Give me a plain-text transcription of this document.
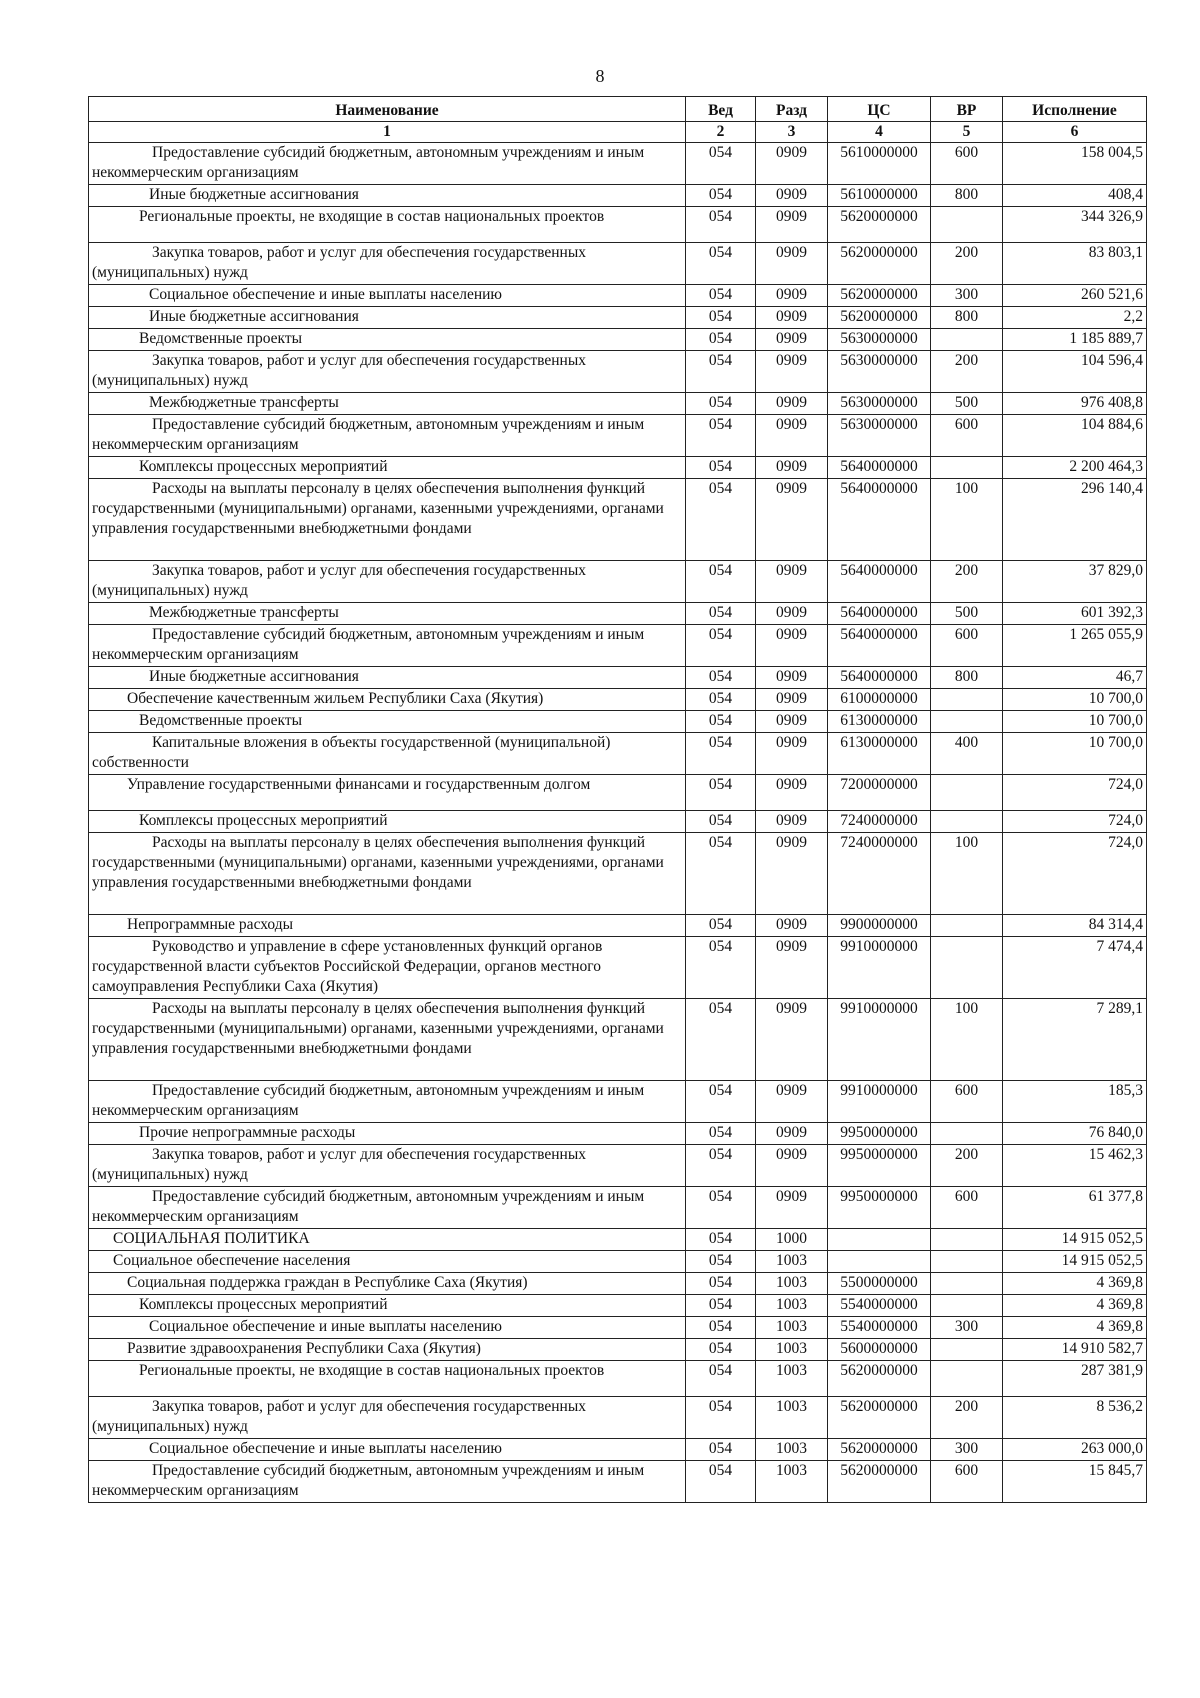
8
Наименование	Вед	Разд	ЦС	ВР	Исполнение
1	2	3	4	5	6
Предоставление субсидий бюджетным, автономным учреждениям и иным некоммерческим организациям	054	0909	5610000000	600	158 004,5
Иные бюджетные ассигнования	054	0909	5610000000	800	408,4
Региональные проекты, не входящие в состав национальных проектов	054	0909	5620000000		344 326,9
Закупка товаров, работ и услуг для обеспечения государственных (муниципальных) нужд	054	0909	5620000000	200	83 803,1
Социальное обеспечение и иные выплаты населению	054	0909	5620000000	300	260 521,6
Иные бюджетные ассигнования	054	0909	5620000000	800	2,2
Ведомственные проекты	054	0909	5630000000		1 185 889,7
Закупка товаров, работ и услуг для обеспечения государственных (муниципальных) нужд	054	0909	5630000000	200	104 596,4
Межбюджетные трансферты	054	0909	5630000000	500	976 408,8
Предоставление субсидий бюджетным, автономным учреждениям и иным некоммерческим организациям	054	0909	5630000000	600	104 884,6
Комплексы процессных мероприятий	054	0909	5640000000		2 200 464,3
Расходы на выплаты персоналу в целях обеспечения выполнения функций государственными (муниципальными) органами, казенными учреждениями, органами управления государственными внебюджетными фондами	054	0909	5640000000	100	296 140,4
Закупка товаров, работ и услуг для обеспечения государственных (муниципальных) нужд	054	0909	5640000000	200	37 829,0
Межбюджетные трансферты	054	0909	5640000000	500	601 392,3
Предоставление субсидий бюджетным, автономным учреждениям и иным некоммерческим организациям	054	0909	5640000000	600	1 265 055,9
Иные бюджетные ассигнования	054	0909	5640000000	800	46,7
Обеспечение качественным жильем Республики Саха (Якутия)	054	0909	6100000000		10 700,0
Ведомственные проекты	054	0909	6130000000		10 700,0
Капитальные вложения в объекты государственной (муниципальной) собственности	054	0909	6130000000	400	10 700,0
Управление государственными финансами и государственным долгом	054	0909	7200000000		724,0
Комплексы процессных мероприятий	054	0909	7240000000		724,0
Расходы на выплаты персоналу в целях обеспечения выполнения функций государственными (муниципальными) органами, казенными учреждениями, органами управления государственными внебюджетными фондами	054	0909	7240000000	100	724,0
Непрограммные расходы	054	0909	9900000000		84 314,4
Руководство и управление в сфере установленных функций органов государственной власти субъектов Российской Федерации, органов местного самоуправления Республики Саха (Якутия)	054	0909	9910000000		7 474,4
Расходы на выплаты персоналу в целях обеспечения выполнения функций государственными (муниципальными) органами, казенными учреждениями, органами управления государственными внебюджетными фондами	054	0909	9910000000	100	7 289,1
Предоставление субсидий бюджетным, автономным учреждениям и иным некоммерческим организациям	054	0909	9910000000	600	185,3
Прочие непрограммные расходы	054	0909	9950000000		76 840,0
Закупка товаров, работ и услуг для обеспечения государственных (муниципальных) нужд	054	0909	9950000000	200	15 462,3
Предоставление субсидий бюджетным, автономным учреждениям и иным некоммерческим организациям	054	0909	9950000000	600	61 377,8
СОЦИАЛЬНАЯ ПОЛИТИКА	054	1000			14 915 052,5
Социальное обеспечение населения	054	1003			14 915 052,5
Социальная поддержка граждан в Республике Саха (Якутия)	054	1003	5500000000		4 369,8
Комплексы процессных мероприятий	054	1003	5540000000		4 369,8
Социальное обеспечение и иные выплаты населению	054	1003	5540000000	300	4 369,8
Развитие здравоохранения Республики Саха (Якутия)	054	1003	5600000000		14 910 582,7
Региональные проекты, не входящие в состав национальных проектов	054	1003	5620000000		287 381,9
Закупка товаров, работ и услуг для обеспечения государственных (муниципальных) нужд	054	1003	5620000000	200	8 536,2
Социальное обеспечение и иные выплаты населению	054	1003	5620000000	300	263 000,0
Предоставление субсидий бюджетным, автономным учреждениям и иным некоммерческим организациям	054	1003	5620000000	600	15 845,7
